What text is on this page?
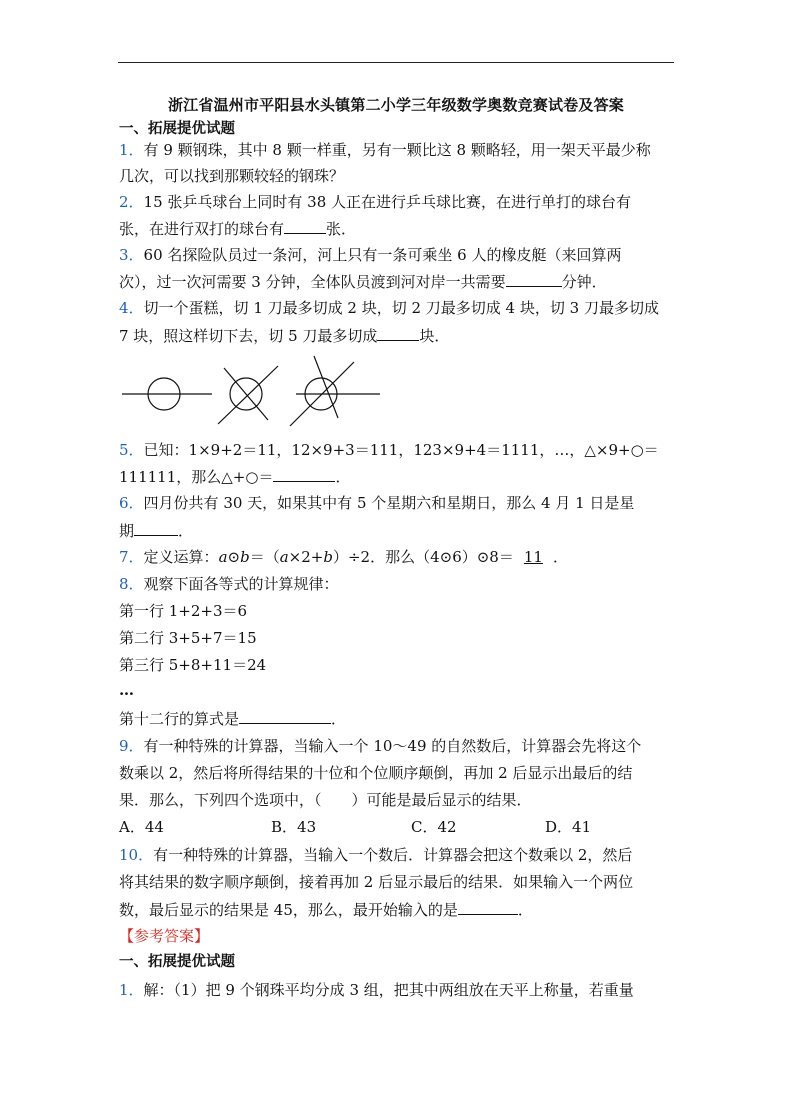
浙江省温州市平阳县水头镇第二小学三年级数学奥数竞赛试卷及答案
一、拓展提优试题
1．有 9 颗钢珠，其中 8 颗一样重，另有一颗比这 8 颗略轻，用一架天平最少称
几次，可以找到那颗较轻的钢珠？
2．15 张乒乓球台上同时有 38 人正在进行乒乓球比赛，在进行单打的球台有
张，在进行双打的球台有	张．
3．60 名探险队员过一条河，河上只有一条可乘坐 6 人的橡皮艇（来回算两
次），过一次河需要 3 分钟，全体队员渡到河对岸一共需要	分钟．
4．切一个蛋糕，切 1 刀最多切成 2 块，切 2 刀最多切成 4 块，切 3 刀最多切成
7 块，照这样切下去，切 5 刀最多切成	块．
5．已知：1×9+2＝11，12×9+3＝111，123×9+4＝1111，…，△×9+○＝
111111，那么△+○＝	．
6．四月份共有 30 天，如果其中有 5 个星期六和星期日，那么 4 月 1 日是星
期	．
7．定义运算：a⊙b＝（a×2+b）÷2．那么（4⊙6）⊙8＝ 11 ．
8．观察下面各等式的计算规律：
第一行 1+2+3＝6
第二行 3+5+7＝15
第三行 5+8+11＝24
…
第十二行的算式是	．
9．有一种特殊的计算器，当输入一个 10～49 的自然数后，计算器会先将这个
数乘以 2，然后将所得结果的十位和个位顺序颠倒，再加 2 后显示出最后的结
果．那么，下列四个选项中，（　　）可能是最后显示的结果．
A．44	B．43	C．42	D．41
10．有一种特殊的计算器，当输入一个数后．计算器会把这个数乘以 2，然后
将其结果的数字顺序颠倒，接着再加 2 后显示最后的结果．如果输入一个两位
数，最后显示的结果是 45，那么，最开始输入的是	．
【参考答案】
一、拓展提优试题
1．解：（1）把 9 个钢珠平均分成 3 组，把其中两组放在天平上称量，若重量
